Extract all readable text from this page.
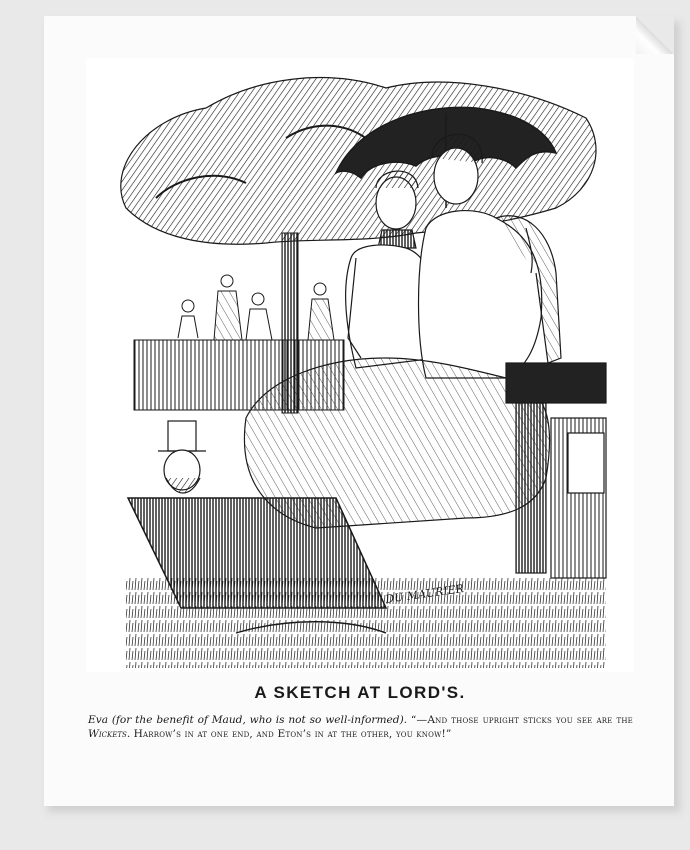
DU MAURIER
A SKETCH AT LORD'S.

Eva (for the benefit of Maud, who is not so well-informed). “—And those upright sticks you see are the Wickets. Harrow’s in at one end, and Eton’s in at the other, you know!”
